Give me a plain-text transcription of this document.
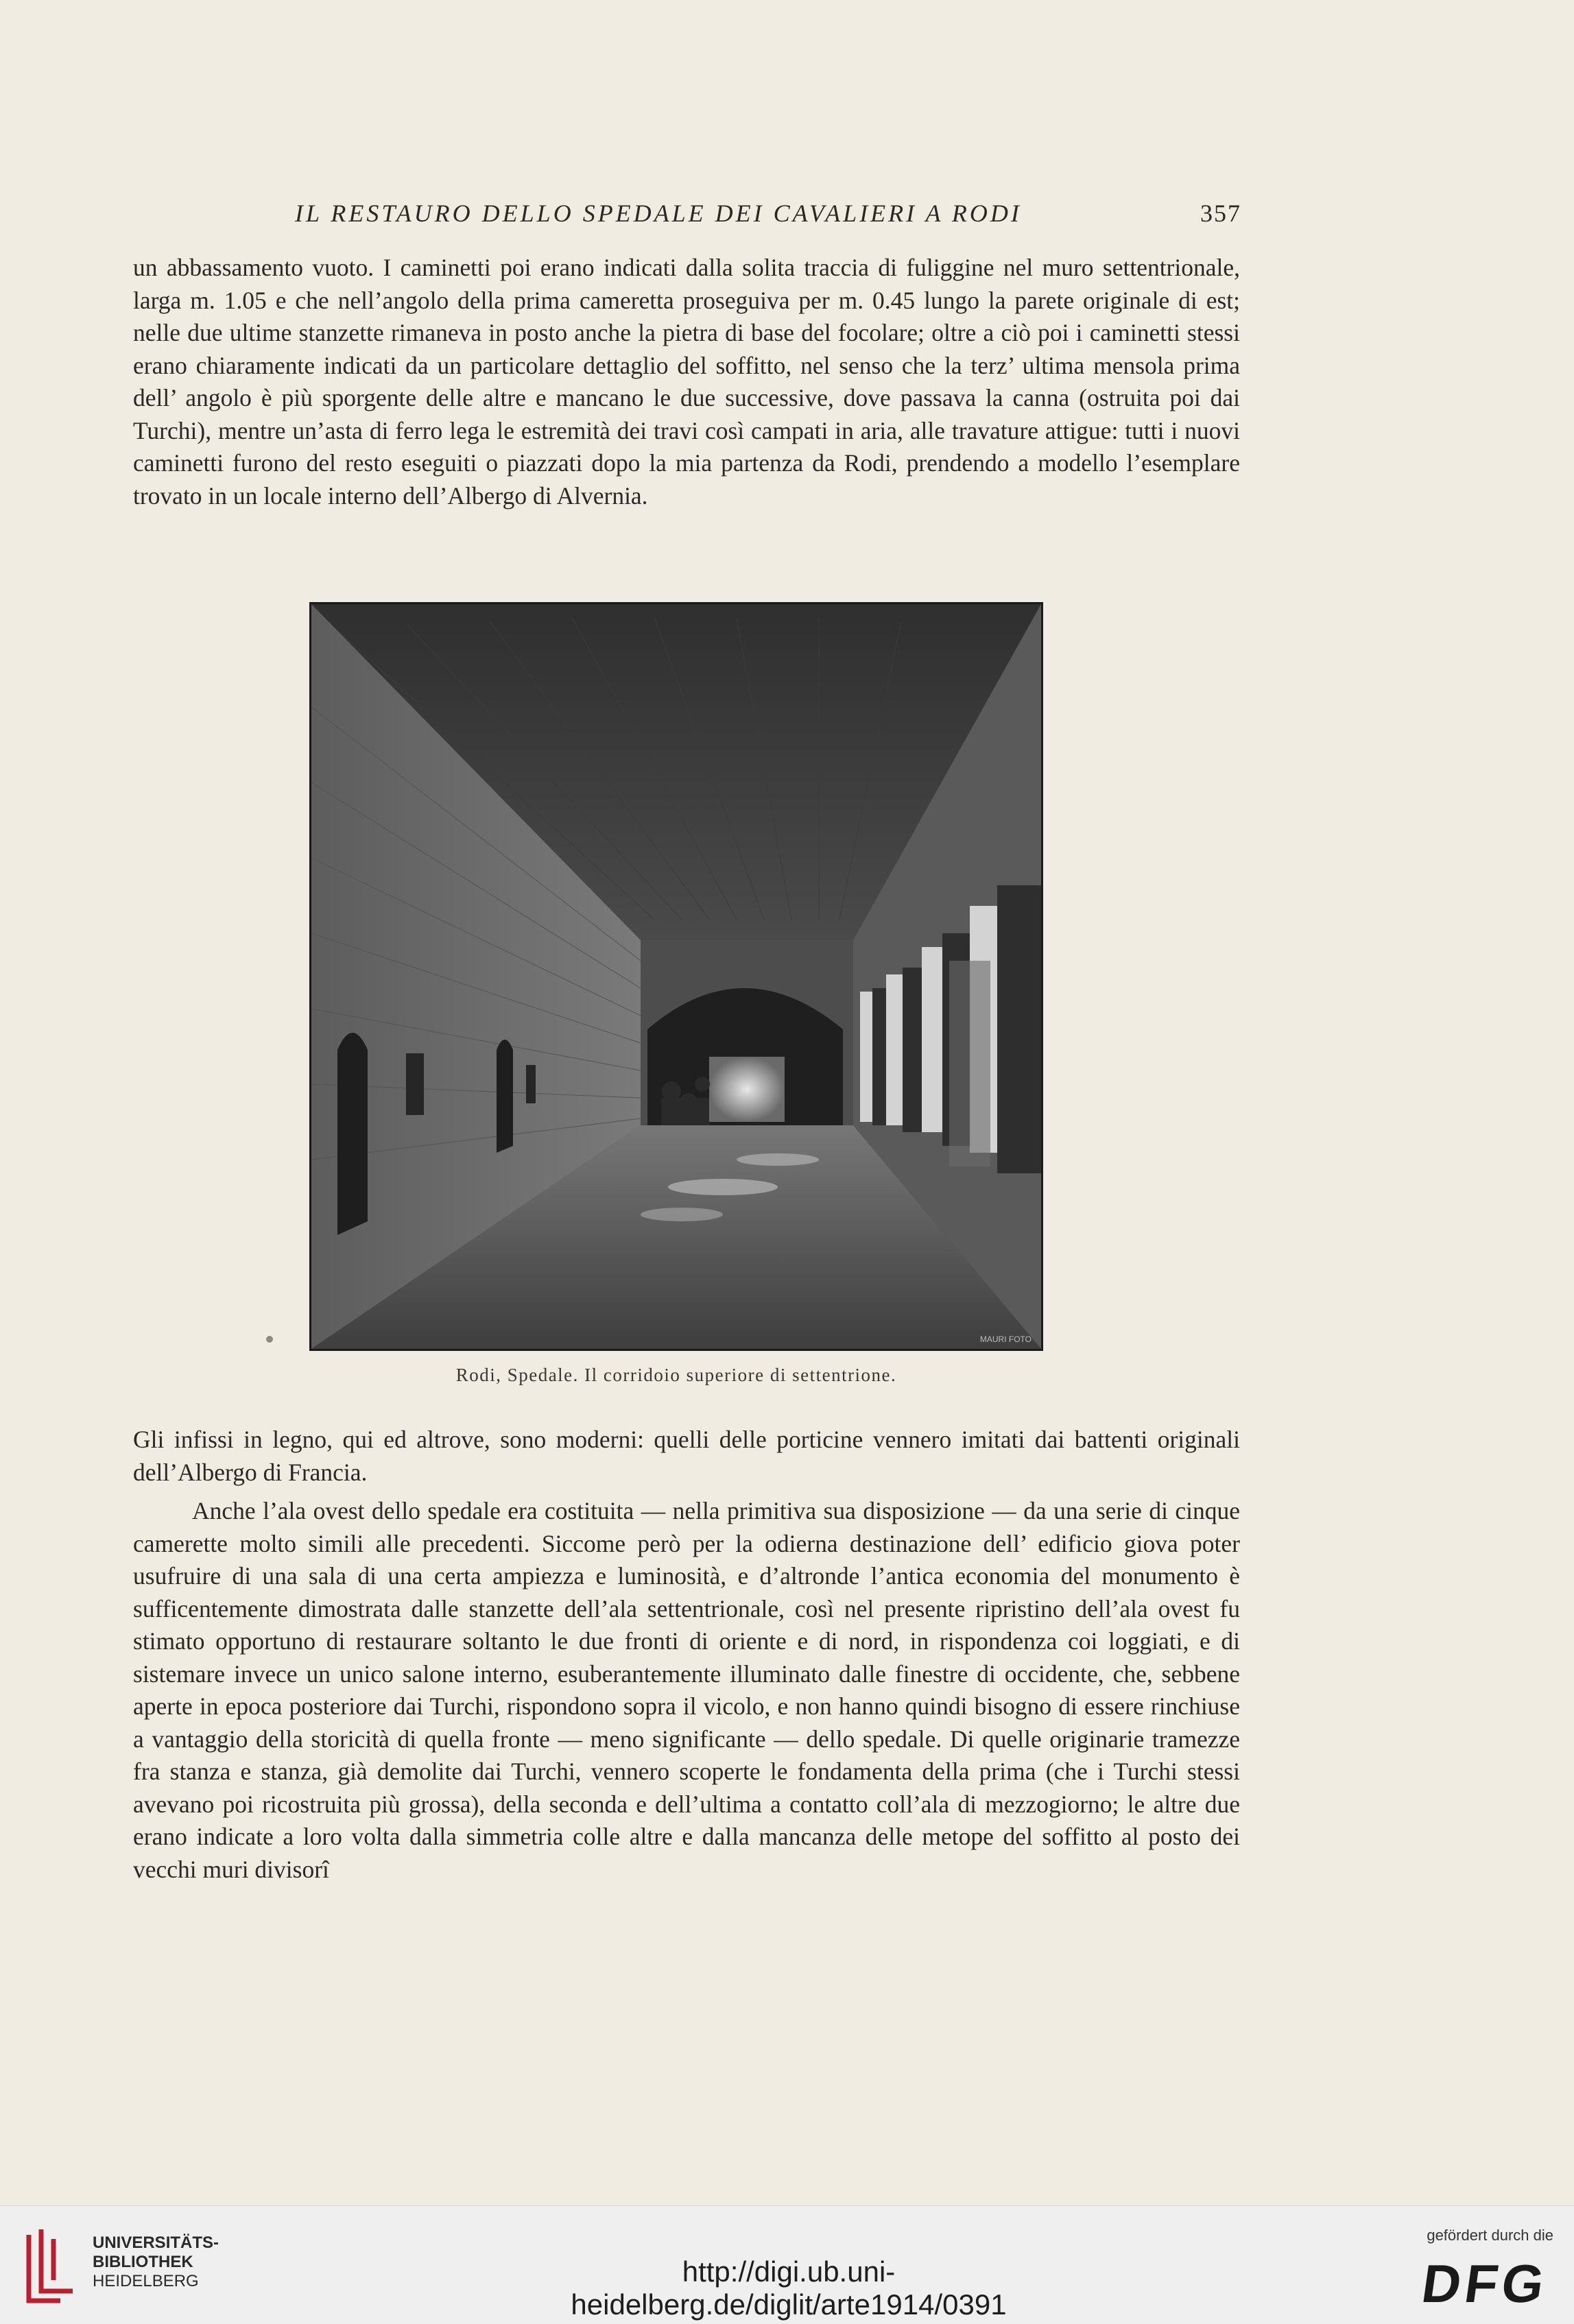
IL RESTAURO DELLO SPEDALE DEI CAVALIERI A RODI	357

un abbassamento vuoto. I caminetti poi erano indicati dalla solita traccia di fuliggine nel muro settentrionale, larga m. 1.05 e che nell’angolo della prima cameretta proseguiva per m. 0.45 lungo la parete originale di est; nelle due ultime stanzette rimaneva in posto anche la pietra di base del focolare; oltre a ciò poi i caminetti stessi erano chiaramente indicati da un particolare dettaglio del soffitto, nel senso che la terz’ ultima mensola prima dell’ angolo è più sporgente delle altre e mancano le due successive, dove passava la canna (ostruita poi dai Turchi), mentre un’asta di ferro lega le estremità dei travi così campati in aria, alle travature attigue: tutti i nuovi caminetti furono del resto eseguiti o piazzati dopo la mia partenza da Rodi, prendendo a modello l’esemplare trovato in un locale interno dell’Albergo di Alvernia.

MAURI FOTO
Rodi, Spedale. Il corridoio superiore di settentrione.

Gli infissi in legno, qui ed altrove, sono moderni: quelli delle porticine vennero imitati dai battenti originali dell’Albergo di Francia.

Anche l’ala ovest dello spedale era costituita — nella primitiva sua disposizione — da una serie di cinque camerette molto simili alle precedenti. Siccome però per la odierna destinazione dell’ edificio giova poter usufruire di una sala di una certa ampiezza e luminosità, e d’altronde l’antica economia del monumento è sufficentemente dimostrata dalle stanzette dell’ala settentrionale, così nel presente ripristino dell’ala ovest fu stimato opportuno di restaurare soltanto le due fronti di oriente e di nord, in rispondenza coi loggiati, e di sistemare invece un unico salone interno, esuberantemente illuminato dalle finestre di occidente, che, sebbene aperte in epoca posteriore dai Turchi, rispondono sopra il vicolo, e non hanno quindi bisogno di essere rinchiuse a vantaggio della storicità di quella fronte — meno significante — dello spedale. Di quelle originarie tramezze fra stanza e stanza, già demolite dai Turchi, vennero scoperte le fondamenta della prima (che i Turchi stessi avevano poi ricostruita più grossa), della seconda e dell’ultima a contatto coll’ala di mezzogiorno; le altre due erano indicate a loro volta dalla simmetria colle altre e dalla mancanza delle metope del soffitto al posto dei vecchi muri divisorî

UNIVERSITÄTS-
BIBLIOTHEK
HEIDELBERG	http://digi.ub.uni-heidelberg.de/diglit/arte1914/0391
gefördert durch die
DFG
